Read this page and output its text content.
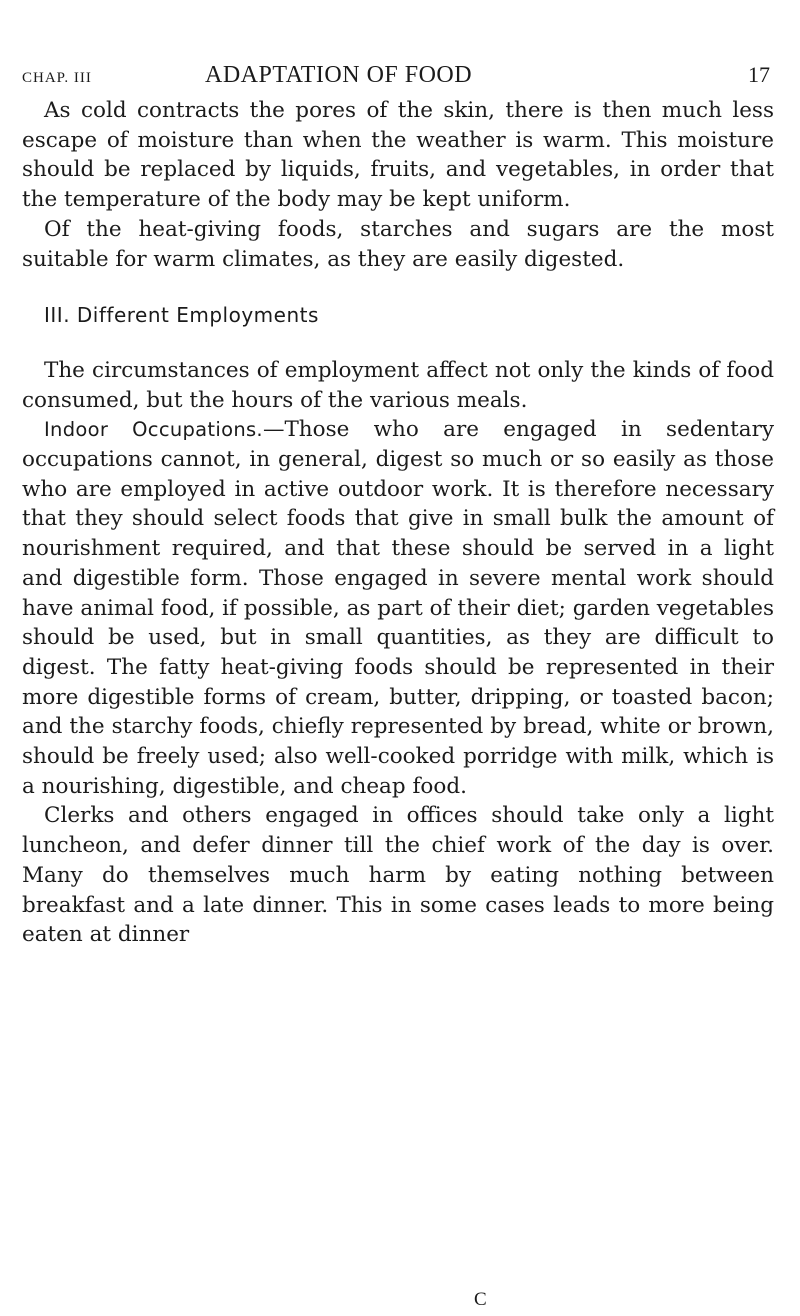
CHAP. III	ADAPTATION OF FOOD	17

As cold contracts the pores of the skin, there is then much less escape of moisture than when the weather is warm. This moisture should be replaced by liquids, fruits, and vegetables, in order that the temperature of the body may be kept uniform.

Of the heat-giving foods, starches and sugars are the most suitable for warm climates, as they are easily digested.

III. Different Employments

The circumstances of employment affect not only the kinds of food consumed, but the hours of the various meals.

Indoor Occupations.—Those who are engaged in sedentary occupations cannot, in general, digest so much or so easily as those who are employed in active outdoor work. It is therefore necessary that they should select foods that give in small bulk the amount of nourishment required, and that these should be served in a light and digestible form. Those engaged in severe mental work should have animal food, if possible, as part of their diet; garden vegetables should be used, but in small quantities, as they are difficult to digest. The fatty heat-giving foods should be represented in their more digestible forms of cream, butter, dripping, or toasted bacon; and the starchy foods, chiefly represented by bread, white or brown, should be freely used; also well-cooked porridge with milk, which is a nourishing, digestible, and cheap food.

Clerks and others engaged in offices should take only a light luncheon, and defer dinner till the chief work of the day is over. Many do themselves much harm by eating nothing between breakfast and a late dinner. This in some cases leads to more being eaten at dinner

C
